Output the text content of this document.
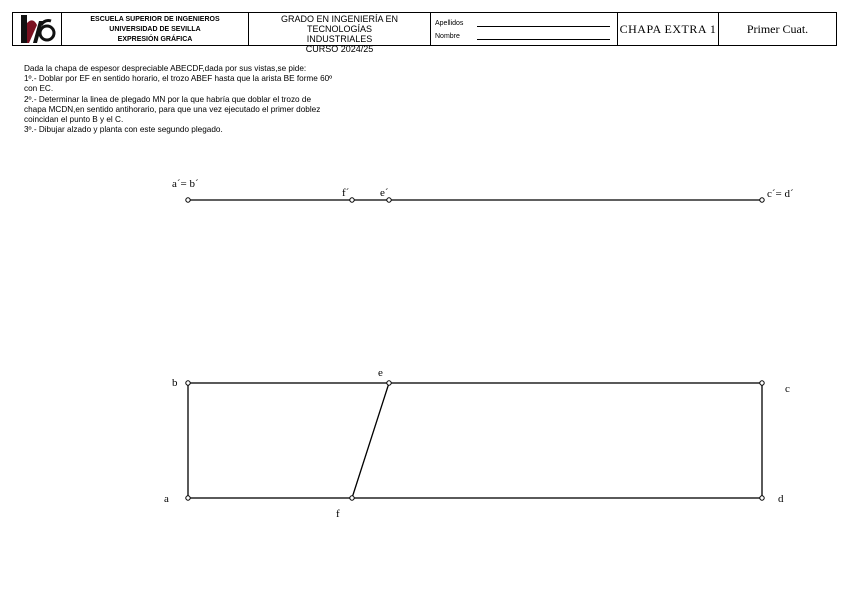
ESCUELA SUPERIOR DE INGENIEROS
UNIVERSIDAD DE SEVILLA
EXPRESIÓN GRÁFICA
GRADO EN INGENIERÍA EN TECNOLOGÍAS
INDUSTRIALES
CURSO 2024/25
Apellidos
Nombre
CHAPA EXTRA 1	Primer Cuat.
Dada la chapa de espesor despreciable ABECDF,dada por sus vistas,se pide:
1º.- Doblar por EF en sentido horario, el trozo ABEF hasta que la arista BE forme 60º
con EC.
2º.- Determinar la linea de plegado MN por la que habría que doblar el trozo de
chapa MCDN,en sentido antihorario, para que una vez ejecutado el primer doblez
coincidan el punto B y el C.
3º.- Dibujar alzado y planta con este segundo plegado.
a´= b´
f´	e´	c´= d´
b
e
c
a
f
d
